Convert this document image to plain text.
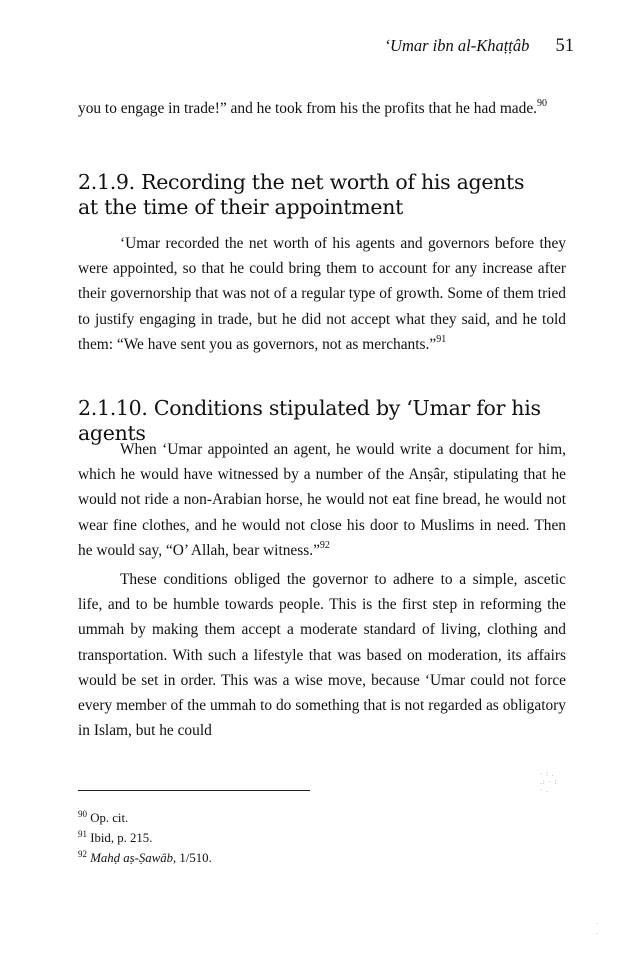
‘Umar ibn al-Khaṭṭâb 51

you to engage in trade!” and he took from his the profits that he had made.$^{90}$

2.1.9. Recording the net worth of his agents
at the time of their appointment

‘Umar recorded the net worth of his agents and governors before they were appointed, so that he could bring them to account for any increase after their governorship that was not of a regular type of growth. Some of them tried to justify engaging in trade, but he did not accept what they said, and he told them: “We have sent you as governors, not as merchants.”$^{91}$

2.1.10. Conditions stipulated by ‘Umar for his agents

When ‘Umar appointed an agent, he would write a document for him, which he would have witnessed by a number of the Anṣâr, stipulating that he would not ride a non-Arabian horse, he would not eat fine bread, he would not wear fine clothes, and he would not close his door to Muslims in need. Then he would say, “O’ Allah, bear witness.”$^{92}$

These conditions obliged the governor to adhere to a simple, ascetic life, and to be humble towards people. This is the first step in reforming the ummah by making them accept a moderate standard of living, clothing and transportation. With such a lifestyle that was based on moderation, its affairs would be set in order. This was a wise move, because ‘Umar could not force every member of the ummah to do something that is not regarded as obligatory in Islam, but he could

$^{90}$ Op. cit.
$^{91}$ Ibid, p. 215.
$^{92}$ Mahḍ aṣ-Ṣawâb, 1/510.
· : .
.: · :
· .
·
.
